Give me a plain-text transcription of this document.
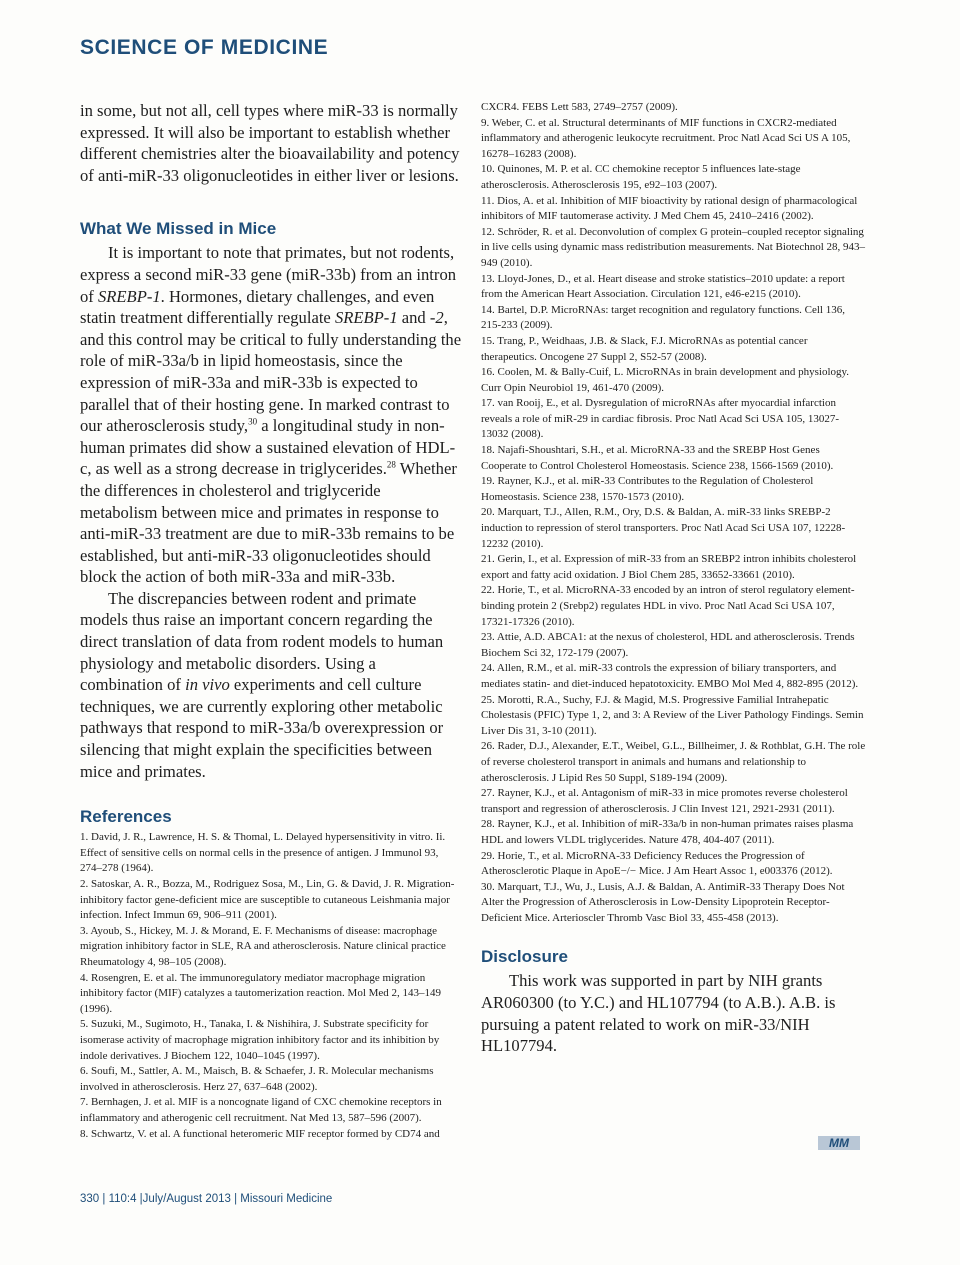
SCIENCE OF MEDICINE

in some, but not all, cell types where miR-33 is normally expressed. It will also be important to establish whether different chemistries alter the bioavailability and potency of anti-miR-33 oligonucleotides in either liver or lesions.

What We Missed in Mice

It is important to note that primates, but not rodents, express a second miR-33 gene (miR-33b) from an intron of SREBP-1. Hormones, dietary challenges, and even statin treatment differentially regulate SREBP-1 and -2, and this control may be critical to fully understanding the role of miR-33a/b in lipid homeostasis, since the expression of miR-33a and miR-33b is expected to parallel that of their hosting gene. In marked contrast to our atherosclerosis study,$^{30}$ a longitudinal study in non-human primates did show a sustained elevation of HDL-c, as well as a strong decrease in triglycerides.$^{28}$ Whether the differences in cholesterol and triglyceride metabolism between mice and primates in response to anti-miR-33 treatment are due to miR-33b remains to be established, but anti-miR-33 oligonucleotides should block the action of both miR-33a and miR-33b.

The discrepancies between rodent and primate models thus raise an important concern regarding the direct translation of data from rodent models to human physiology and metabolic disorders. Using a combination of in vivo experiments and cell culture techniques, we are currently exploring other metabolic pathways that respond to miR-33a/b overexpression or silencing that might explain the specificities between mice and primates.

References
1. David, J. R., Lawrence, H. S. & Thomal, L. Delayed hypersensitivity in vitro. Ii. Effect of sensitive cells on normal cells in the presence of antigen. J Immunol 93, 274–278 (1964).
2. Satoskar, A. R., Bozza, M., Rodriguez Sosa, M., Lin, G. & David, J. R. Migration-inhibitory factor gene-deficient mice are susceptible to cutaneous Leishmania major infection. Infect Immun 69, 906–911 (2001).
3. Ayoub, S., Hickey, M. J. & Morand, E. F. Mechanisms of disease: macrophage migration inhibitory factor in SLE, RA and atherosclerosis. Nature clinical practice Rheumatology 4, 98–105 (2008).
4. Rosengren, E. et al. The immunoregulatory mediator macrophage migration inhibitory factor (MIF) catalyzes a tautomerization reaction. Mol Med 2, 143–149 (1996).
5. Suzuki, M., Sugimoto, H., Tanaka, I. & Nishihira, J. Substrate specificity for isomerase activity of macrophage migration inhibitory factor and its inhibition by indole derivatives. J Biochem 122, 1040–1045 (1997).
6. Soufi, M., Sattler, A. M., Maisch, B. & Schaefer, J. R. Molecular mechanisms involved in atherosclerosis. Herz 27, 637–648 (2002).
7. Bernhagen, J. et al. MIF is a noncognate ligand of CXC chemokine receptors in inflammatory and atherogenic cell recruitment. Nat Med 13, 587–596 (2007).
8. Schwartz, V. et al. A functional heteromeric MIF receptor formed by CD74 and
CXCR4. FEBS Lett 583, 2749–2757 (2009).
9. Weber, C. et al. Structural determinants of MIF functions in CXCR2-mediated inflammatory and atherogenic leukocyte recruitment. Proc Natl Acad Sci US A 105, 16278–16283 (2008).
10. Quinones, M. P. et al. CC chemokine receptor 5 influences late-stage atherosclerosis. Atherosclerosis 195, e92–103 (2007).
11. Dios, A. et al. Inhibition of MIF bioactivity by rational design of pharmacological inhibitors of MIF tautomerase activity. J Med Chem 45, 2410–2416 (2002).
12. Schröder, R. et al. Deconvolution of complex G protein–coupled receptor signaling in live cells using dynamic mass redistribution measurements. Nat Biotechnol 28, 943–949 (2010).
13. Lloyd-Jones, D., et al. Heart disease and stroke statistics–2010 update: a report from the American Heart Association. Circulation 121, e46-e215 (2010).
14. Bartel, D.P. MicroRNAs: target recognition and regulatory functions. Cell 136, 215-233 (2009).
15. Trang, P., Weidhaas, J.B. & Slack, F.J. MicroRNAs as potential cancer therapeutics. Oncogene 27 Suppl 2, S52-57 (2008).
16. Coolen, M. & Bally-Cuif, L. MicroRNAs in brain development and physiology. Curr Opin Neurobiol 19, 461-470 (2009).
17. van Rooij, E., et al. Dysregulation of microRNAs after myocardial infarction reveals a role of miR-29 in cardiac fibrosis. Proc Natl Acad Sci USA 105, 13027-13032 (2008).
18. Najafi-Shoushtari, S.H., et al. MicroRNA-33 and the SREBP Host Genes Cooperate to Control Cholesterol Homeostasis. Science 238, 1566-1569 (2010).
19. Rayner, K.J., et al. miR-33 Contributes to the Regulation of Cholesterol Homeostasis. Science 238, 1570-1573 (2010).
20. Marquart, T.J., Allen, R.M., Ory, D.S. & Baldan, A. miR-33 links SREBP-2 induction to repression of sterol transporters. Proc Natl Acad Sci USA 107, 12228-12232 (2010).
21. Gerin, I., et al. Expression of miR-33 from an SREBP2 intron inhibits cholesterol export and fatty acid oxidation. J Biol Chem 285, 33652-33661 (2010).
22. Horie, T., et al. MicroRNA-33 encoded by an intron of sterol regulatory element-binding protein 2 (Srebp2) regulates HDL in vivo. Proc Natl Acad Sci USA 107, 17321-17326 (2010).
23. Attie, A.D. ABCA1: at the nexus of cholesterol, HDL and atherosclerosis. Trends Biochem Sci 32, 172-179 (2007).
24. Allen, R.M., et al. miR-33 controls the expression of biliary transporters, and mediates statin- and diet-induced hepatotoxicity. EMBO Mol Med 4, 882-895 (2012).
25. Morotti, R.A., Suchy, F.J. & Magid, M.S. Progressive Familial Intrahepatic Cholestasis (PFIC) Type 1, 2, and 3: A Review of the Liver Pathology Findings. Semin Liver Dis 31, 3-10 (2011).
26. Rader, D.J., Alexander, E.T., Weibel, G.L., Billheimer, J. & Rothblat, G.H. The role of reverse cholesterol transport in animals and humans and relationship to atherosclerosis. J Lipid Res 50 Suppl, S189-194 (2009).
27. Rayner, K.J., et al. Antagonism of miR-33 in mice promotes reverse cholesterol transport and regression of atherosclerosis. J Clin Invest 121, 2921-2931 (2011).
28. Rayner, K.J., et al. Inhibition of miR-33a/b in non-human primates raises plasma HDL and lowers VLDL triglycerides. Nature 478, 404-407 (2011).
29. Horie, T., et al. MicroRNA-33 Deficiency Reduces the Progression of Atherosclerotic Plaque in ApoE−/− Mice. J Am Heart Assoc 1, e003376 (2012).
30. Marquart, T.J., Wu, J., Lusis, A.J. & Baldan, A. AntimiR-33 Therapy Does Not Alter the Progression of Atherosclerosis in Low-Density Lipoprotein Receptor-Deficient Mice. Arterioscler Thromb Vasc Biol 33, 455-458 (2013).
Disclosure

This work was supported in part by NIH grants AR060300 (to Y.C.) and HL107794 (to A.B.). A.B. is pursuing a patent related to work on miR-33/NIH HL107794.

MM
330 | 110:4 |July/August 2013 | Missouri Medicine
